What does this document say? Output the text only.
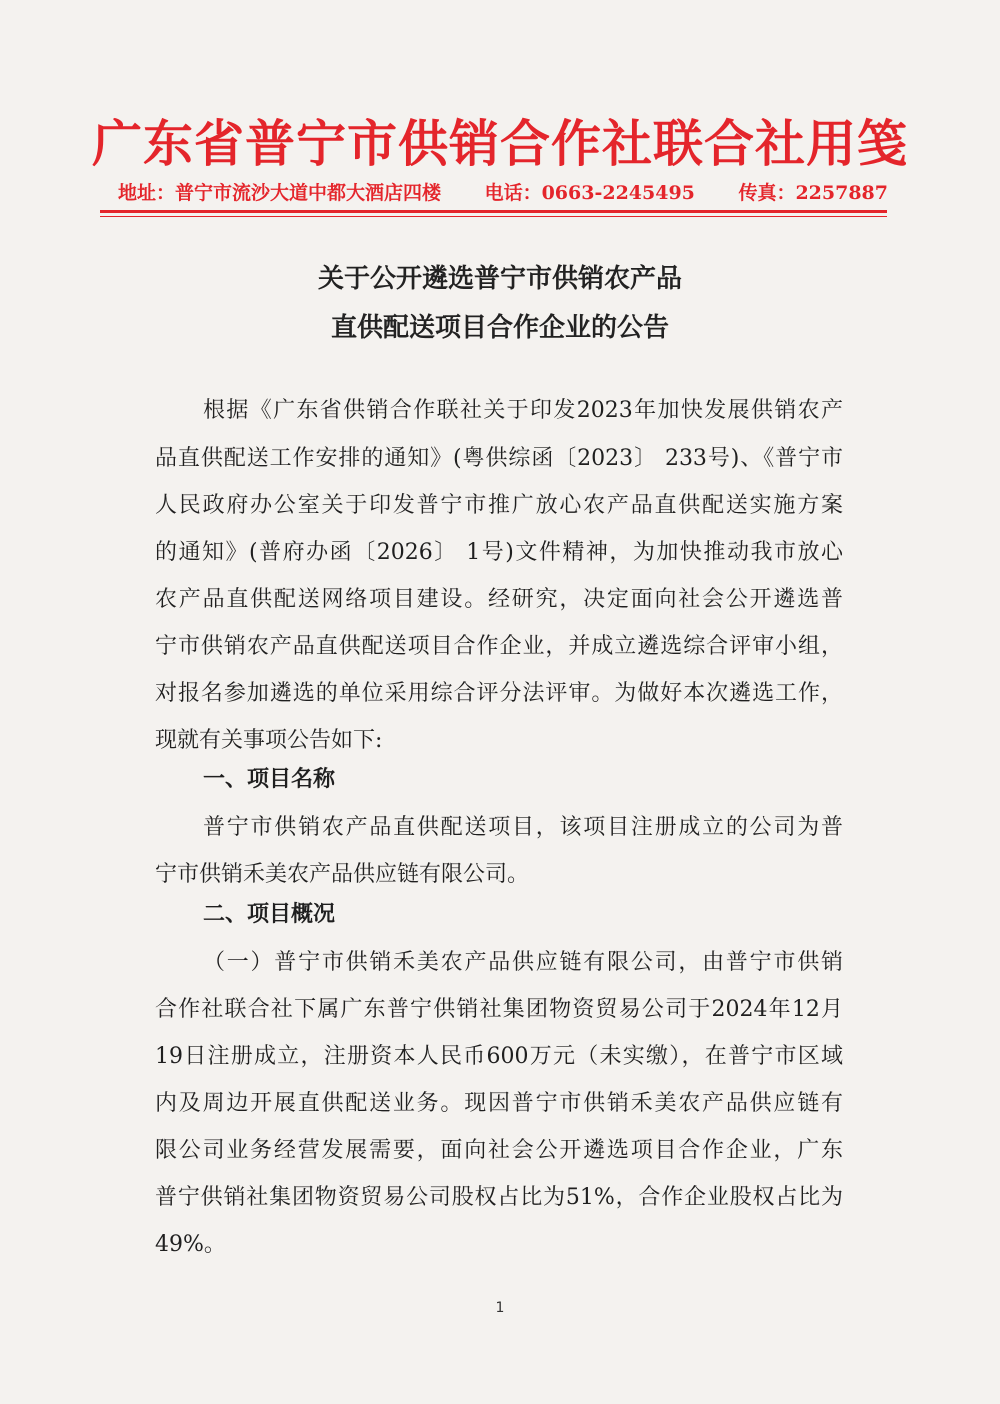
广东省普宁市供销合作社联合社用笺
地址：普宁市流沙大道中都大酒店四楼 电话：0663-2245495 传真：2257887
关于公开遴选普宁市供销农产品
直供配送项目合作企业的公告
根据《广东省供销合作联社关于印发2023年加快发展供销农产
品直供配送工作安排的通知》(粤供综函〔2023〕 233号)、《普宁市
人民政府办公室关于印发普宁市推广放心农产品直供配送实施方案
的通知》(普府办函〔2026〕 1号)文件精神，为加快推动我市放心
农产品直供配送网络项目建设。经研究，决定面向社会公开遴选普
宁市供销农产品直供配送项目合作企业，并成立遴选综合评审小组，
对报名参加遴选的单位采用综合评分法评审。为做好本次遴选工作，
现就有关事项公告如下:
一、项目名称
普宁市供销农产品直供配送项目，该项目注册成立的公司为普
宁市供销禾美农产品供应链有限公司。
二、项目概况
（一）普宁市供销禾美农产品供应链有限公司，由普宁市供销
合作社联合社下属广东普宁供销社集团物资贸易公司于2024年12月
19日注册成立，注册资本人民币600万元（未实缴），在普宁市区域
内及周边开展直供配送业务。现因普宁市供销禾美农产品供应链有
限公司业务经营发展需要，面向社会公开遴选项目合作企业，广东
普宁供销社集团物资贸易公司股权占比为51%，合作企业股权占比为
49%。
1
